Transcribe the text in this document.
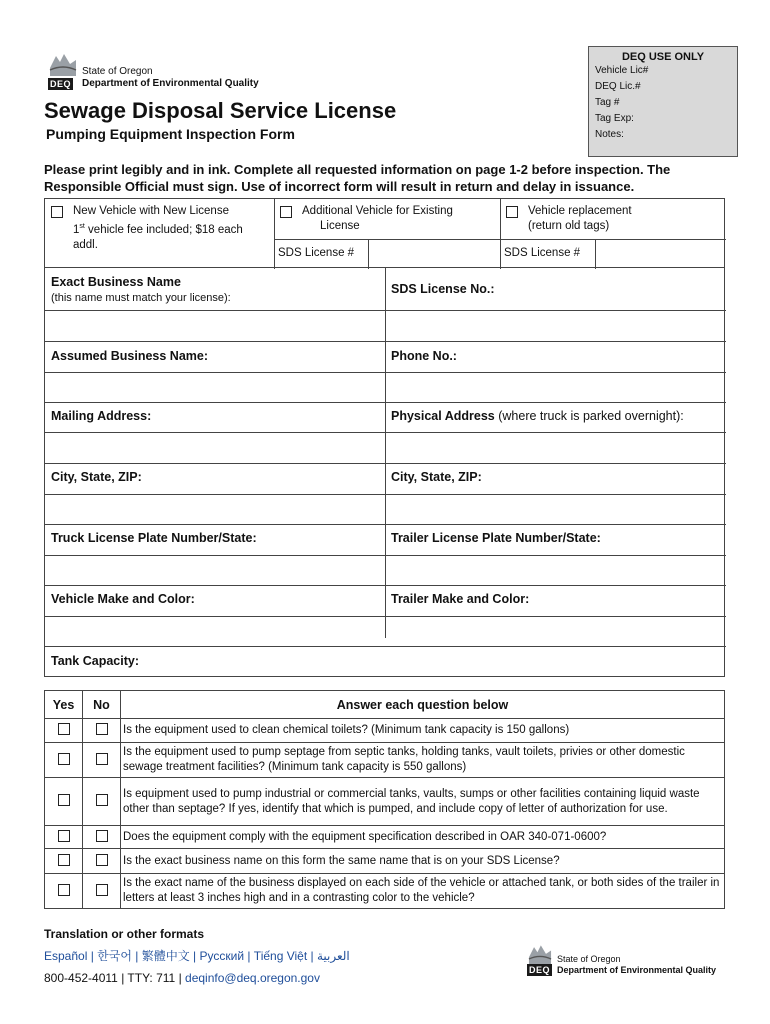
DEQ
State of Oregon
Department of Environmental Quality
DEQ USE ONLY
Vehicle Lic#
DEQ Lic.#
Tag #
Tag Exp:
Notes:
Sewage Disposal Service License
Pumping Equipment Inspection Form
Please print legibly and in ink. Complete all requested information on page 1-2 before inspection. The Responsible Official must sign. Use of incorrect form will result in return and delay in issuance.
New Vehicle with New License
1st vehicle fee included; $18 each
addl.
Additional Vehicle for Existing
License
Vehicle replacement
(return old tags)
SDS License #	SDS License #
Exact Business Name
(this name must match your license):
SDS License No.:
Assumed Business Name:	Phone No.:
Mailing Address:	Physical Address (where truck is parked overnight):
City, State, ZIP:	City, State, ZIP:
Truck License Plate Number/State:	Trailer License Plate Number/State:
Vehicle Make and Color:	Trailer Make and Color:
Tank Capacity:
Yes	No	Answer each question below
		Is the equipment used to clean chemical toilets? (Minimum tank capacity is 150 gallons)
		Is the equipment used to pump septage from septic tanks, holding tanks, vault toilets, privies or other domestic sewage treatment facilities? (Minimum tank capacity is 550 gallons)
		Is equipment used to pump industrial or commercial tanks, vaults, sumps or other facilities containing liquid waste other than septage? If yes, identify that which is pumped, and include copy of letter of authorization for use.
		Does the equipment comply with the equipment specification described in OAR 340-071-0600?
		Is the exact business name on this form the same name that is on your SDS License?
		Is the exact name of the business displayed on each side of the vehicle or attached tank, or both sides of the trailer in letters at least 3 inches high and in a contrasting color to the vehicle?
Translation or other formats
Español | 한국어 | 繁體中文 | Pусский | Tiếng Việt | العربية
800-452-4011 | TTY: 711 | deqinfo@deq.oregon.gov
DEQ
State of Oregon
Department of Environmental Quality
